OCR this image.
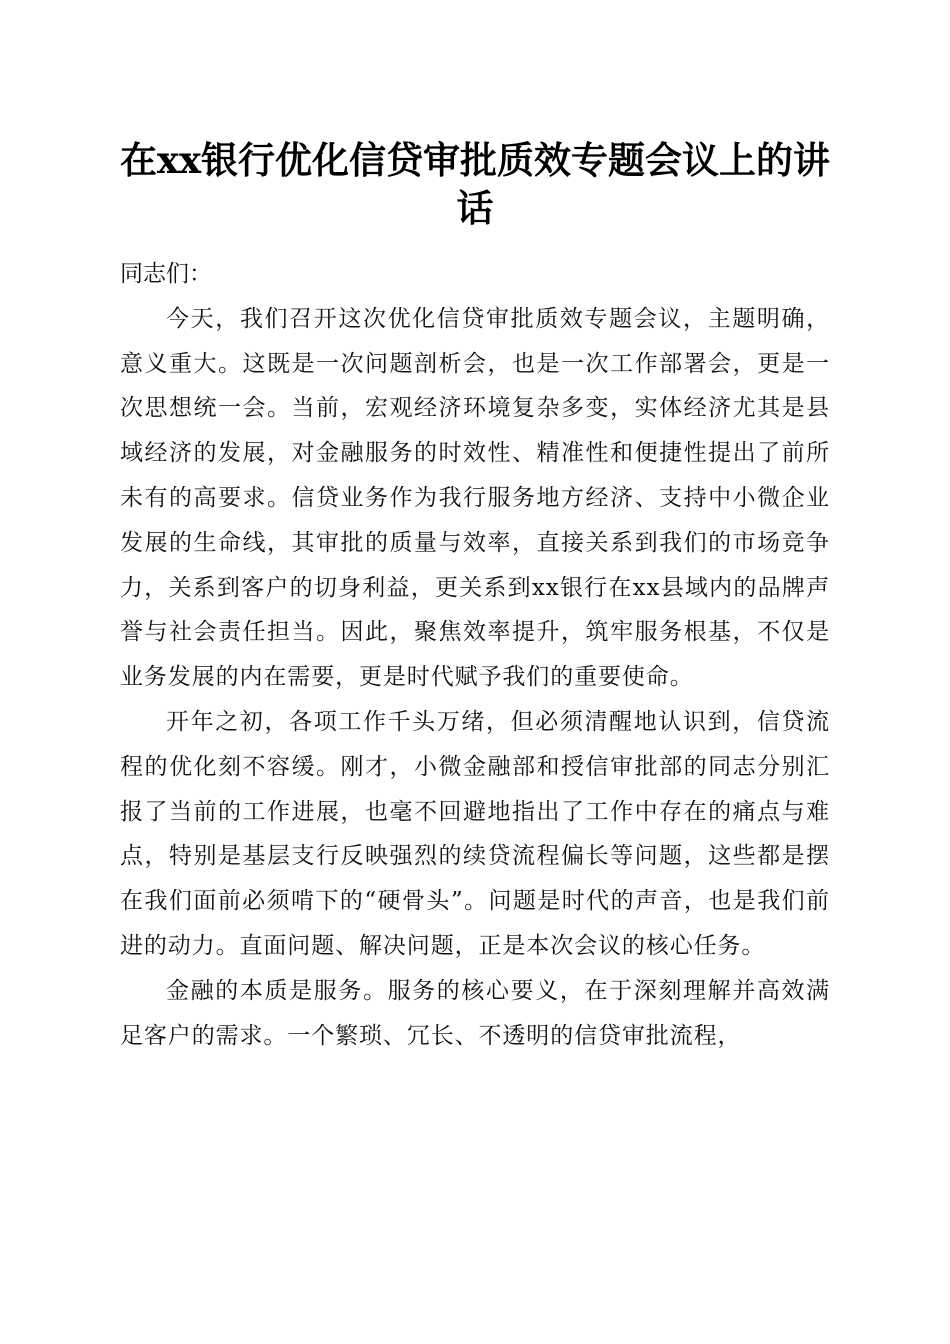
在xx银行优化信贷审批质效专题会议上的讲话

同志们：

今天，我们召开这次优化信贷审批质效专题会议，主题明确，意义重大。这既是一次问题剖析会，也是一次工作部署会，更是一次思想统一会。当前，宏观经济环境复杂多变，实体经济尤其是县域经济的发展，对金融服务的时效性、精准性和便捷性提出了前所未有的高要求。信贷业务作为我行服务地方经济、支持中小微企业发展的生命线，其审批的质量与效率，直接关系到我们的市场竞争力，关系到客户的切身利益，更关系到xx银行在xx县域内的品牌声誉与社会责任担当。因此，聚焦效率提升，筑牢服务根基，不仅是业务发展的内在需要，更是时代赋予我们的重要使命。

开年之初，各项工作千头万绪，但必须清醒地认识到，信贷流程的优化刻不容缓。刚才，小微金融部和授信审批部的同志分别汇报了当前的工作进展，也毫不回避地指出了工作中存在的痛点与难点，特别是基层支行反映强烈的续贷流程偏长等问题，这些都是摆在我们面前必须啃下的“硬骨头”。问题是时代的声音，也是我们前进的动力。直面问题、解决问题，正是本次会议的核心任务。

金融的本质是服务。服务的核心要义，在于深刻理解并高效满足客户的需求。一个繁琐、冗长、不透明的信贷审批流程，
